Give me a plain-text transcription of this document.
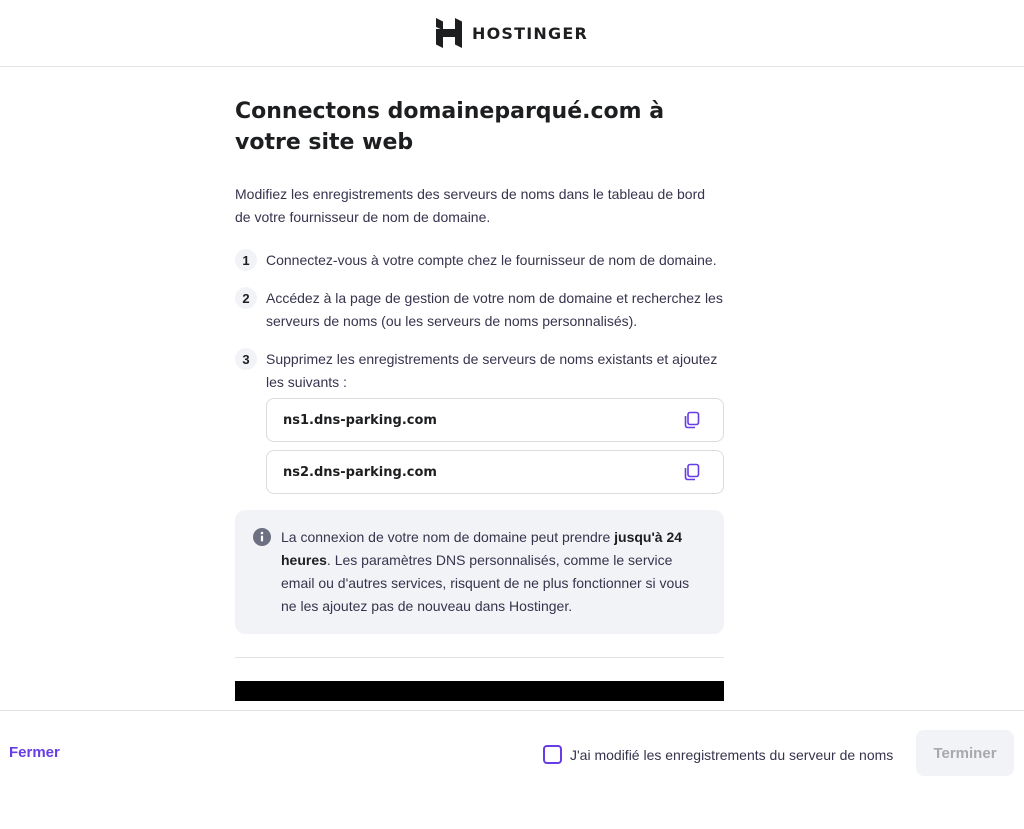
HOSTINGER
Connectons domaineparqué.com à votre site web

Modifiez les enregistrements des serveurs de noms dans le tableau de bord de votre fournisseur de nom de domaine.

1	Connectez-vous à votre compte chez le fournisseur de nom de domaine.
2	Accédez à la page de gestion de votre nom de domaine et recherchez les serveurs de noms (ou les serveurs de noms personnalisés).
3	Supprimez les enregistrements de serveurs de noms existants et ajoutez les suivants :
ns1.dns-parking.com
ns2.dns-parking.com

La connexion de votre nom de domaine peut prendre jusqu'à 24 heures. Les paramètres DNS personnalisés, comme le service email ou d'autres services, risquent de ne plus fonctionner si vous ne les ajoutez pas de nouveau dans Hostinger.

Fermer	J'ai modifié les enregistrements du serveur de noms	Terminer
